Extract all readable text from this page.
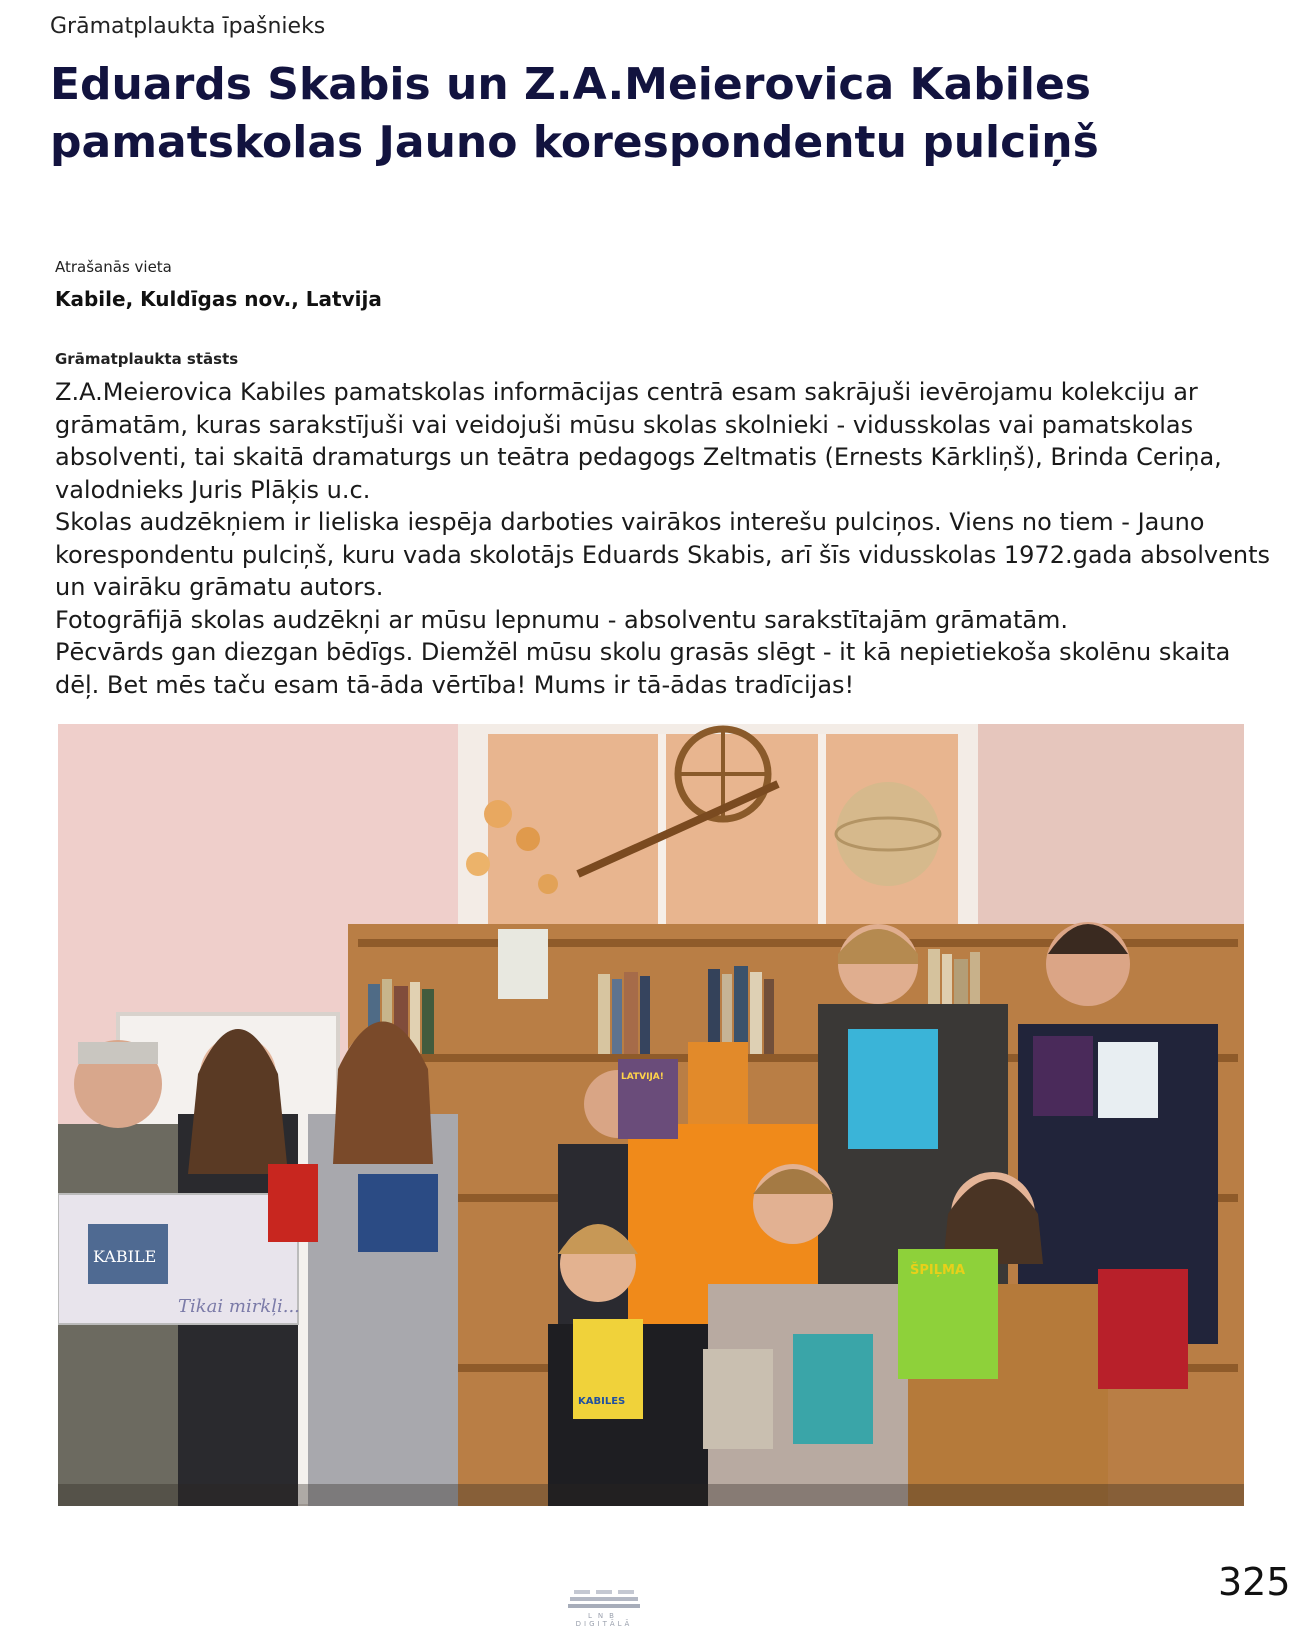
Grāmatplaukta īpašnieks
Eduards Skabis un Z.A.Meierovica Kabiles pamatskolas Jauno korespondentu pulciņš
Atrašanās vieta
Kabile, Kuldīgas nov., Latvija
Grāmatplaukta stāsts

Z.A.Meierovica Kabiles pamatskolas informācijas centrā esam sakrājuši ievērojamu kolekciju ar grāmatām, kuras sarakstījuši vai veidojuši mūsu skolas skolnieki - vidusskolas vai pamatskolas absolventi, tai skaitā dramaturgs un teātra pedagogs Zeltmatis (Ernests Kārkliņš), Brinda Ceriņa, valodnieks Juris Plāķis u.c.

Skolas audzēkņiem ir lieliska iespēja darboties vairākos interešu pulciņos. Viens no tiem - Jauno korespondentu pulciņš, kuru vada skolotājs Eduards Skabis, arī šīs vidusskolas 1972.gada absolvents un vairāku grāmatu autors.

Fotogrāfijā skolas audzēkņi ar mūsu lepnumu - absolventu sarakstītajām grāmatām.

Pēcvārds gan diezgan bēdīgs. Diemžēl mūsu skolu grasās slēgt - it kā nepietiekoša skolēnu skaita dēļ. Bet mēs taču esam tā-āda vērtība! Mums ir tā-ādas tradīcijas!

KABILE
Tikai mirkļi...
LATVIJA!
KABILES
ŠPIĻMA
325
LNB
DIGITĀLĀ
